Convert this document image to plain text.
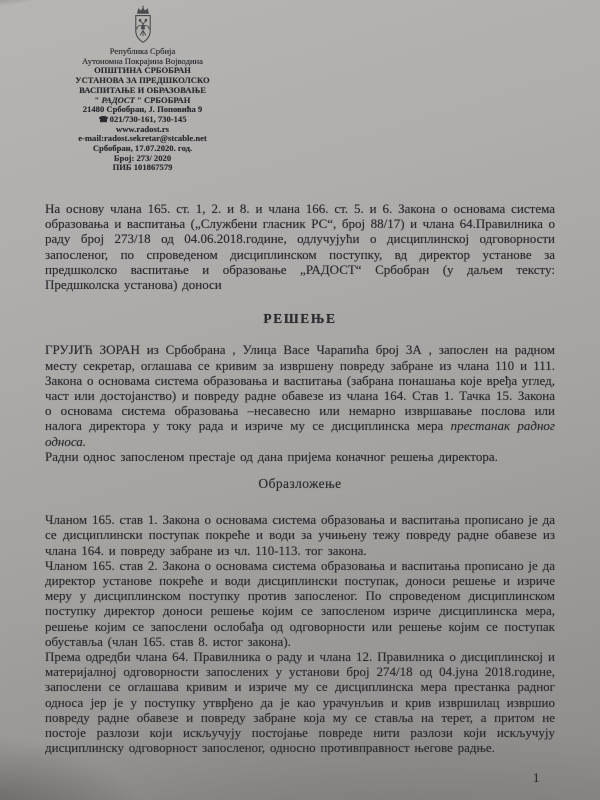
Република Србија
Аутономна Покрајина Војводина
ОПШТИНА СРБОБРАН
УСТАНОВА ЗА ПРЕДШКОЛСКО
ВАСПИТАЊЕ И ОБРАЗОВАЊЕ
" РАДОСТ " СРБОБРАН
21480 Србобран, Ј. Поповића 9
☎021/730-161, 730-145
www.radost.rs
e-mail:radost.sekretar@stcable.net
Србобран, 17.07.2020. год.
Број: 273/ 2020
ПИБ 101867579

На основу члана 165. ст. 1, 2. и 8. и члана 166. ст. 5. и 6. Закона о основама система образовања и васпитања („Службени гласник РС“, број 88/17) и члана 64.Правилника о раду број 273/18 од 04.06.2018.године, одлучујући о дисциплинској одговорности запосленог, по спроведеном дисциплинском поступку, вд директор установе за предшколско васпитање и образовање „РАДОСТ“ Србобран (у даљем тексту: Предшколска установа) доноси

РЕШЕЊЕ

ГРУЈИЋ ЗОРАН из Србобрана , Улица Васе Чарапића број 3А , запослен на радном месту секретар, оглашава се кривим за извршену повреду забране из члана 110 и 111. Закона о основама система образовања и васпитања (забрана понашања које вређа углед, част или достојанство) и повреду радне обавезе из члана 164. Став 1. Тачка 15. Закона о основама система образовања –несавесно или немарно извршавање послова или налога директора у току рада и изриче му се дисциплинска мера престанак радног односа.

Радни однос запосленом престаје од дана пријема коначног решења директора.

Образложење

Чланом 165. став 1. Закона о основама система образовања и васпитања прописано је да се дисциплински поступак покреће и води за учињену тежу повреду радне обавезе из члана 164. и повреду забране из чл. 110-113. тог закона.

Чланом 165. став 2. Закона о основама система образовања и васпитања прописано је да директор установе покреће и води дисциплински поступак, доноси решење и изриче меру у дисциплинском поступку против запосленог. По спроведеном дисциплинском поступку директор доноси решење којим се запосленом изриче дисциплинска мера, решење којим се запослени ослобађа од одговорности или решење којим се поступак обуставља (члан 165. став 8. истог закона).

Према одредби члана 64. Правилника о раду и члана 12. Правилника о дисциплинској и материјалној одговорности запослених у установи број 274/18 од 04.јуна 2018.године, запослени се оглашава кривим и изриче му се дисциплинска мера престанка радног односа јер је у поступку утврђено да је као урачунљив и крив извршилац извршио повреду радне обавезе и повреду забране која му се ставља на терет, а притом не постоје разлози који искључују постојање повреде нити разлози који искључују дисциплинску одговорност запосленог, односно противправност његове радње.

1
